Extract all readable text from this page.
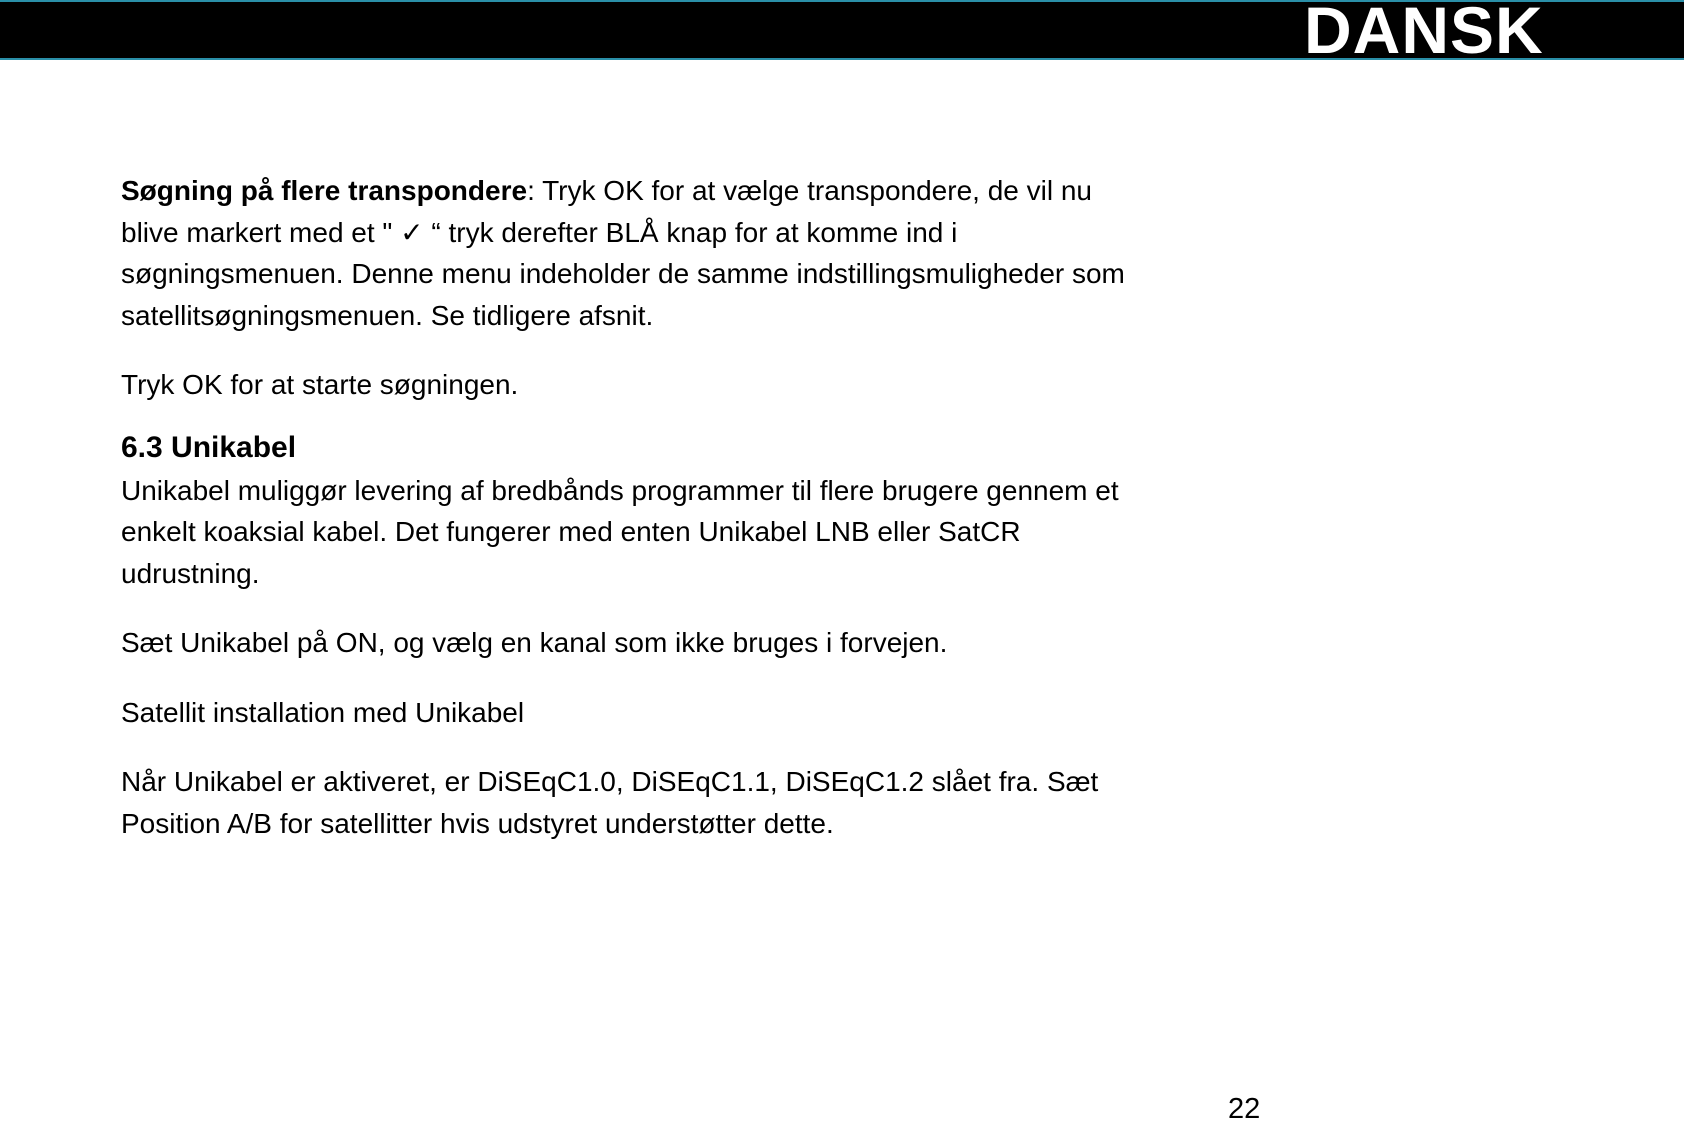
DANSK

Søgning på flere transpondere: Tryk OK for at vælge transpondere, de vil nu
blive markert med et " ✓ “ tryk derefter BLÅ knap for at komme ind i
søgningsmenuen. Denne menu indeholder de samme indstillingsmuligheder som
satellitsøgningsmenuen. Se tidligere afsnit.

Tryk OK for at starte søgningen.

6.3 Unikabel

Unikabel muliggør levering af bredbånds programmer til flere brugere gennem et
enkelt koaksial kabel. Det fungerer med enten Unikabel LNB eller SatCR
udrustning.

Sæt Unikabel på ON, og vælg en kanal som ikke bruges i forvejen.

Satellit installation med Unikabel

Når Unikabel er aktiveret, er DiSEqC1.0, DiSEqC1.1, DiSEqC1.2 slået fra. Sæt
Position A/B for satellitter hvis udstyret understøtter dette.

22
